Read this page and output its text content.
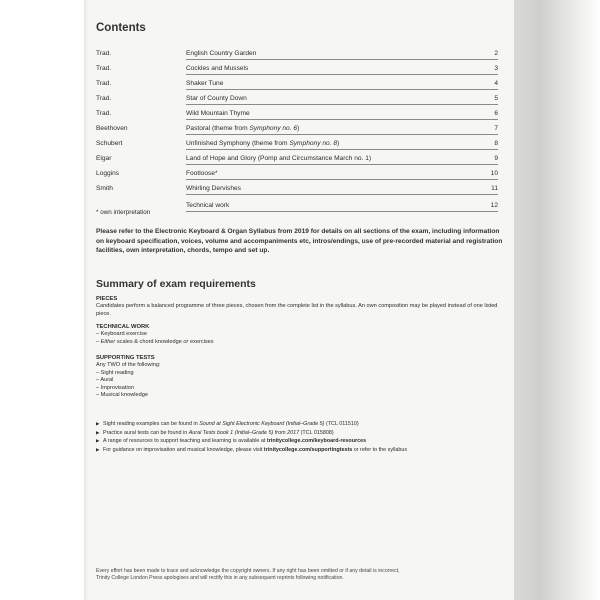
Contents
Trad.	English Country Garden	2
Trad.	Cockles and Mussels	3
Trad.	Shaker Tune	4
Trad.	Star of County Down	5
Trad.	Wild Mountain Thyme	6
Beethoven	Pastoral (theme from Symphony no. 6)	7
Schubert	Unfinished Symphony (theme from Symphony no. 8)	8
Elgar	Land of Hope and Glory (Pomp and Circumstance March no. 1)	9
Loggins	Footloose*	10
Smith	Whirling Dervishes	11
Technical work	12
* own interpretation
Please refer to the Electronic Keyboard & Organ Syllabus from 2019 for details on all sections of the exam, including information on keyboard specification, voices, volume and accompaniments etc, intros/endings, use of pre-recorded material and registration facilities, own interpretation, chords, tempo and set up.
Summary of exam requirements
PIECES
Candidates perform a balanced programme of three pieces, chosen from the complete list in the syllabus. An own composition may be played instead of one listed piece.
TECHNICAL WORK
– Keyboard exercise
– Either scales & chord knowledge or exercises
SUPPORTING TESTS
Any TWO of the following:
– Sight reading
– Aural
– Improvisation
– Musical knowledge
▶ Sight reading examples can be found in Sound at Sight Electronic Keyboard (Initial–Grade 5) (TCL 011510)
▶ Practice aural tests can be found in Aural Tests book 1 (Initial–Grade 5) from 2017 (TCL 015808)
▶ A range of resources to support teaching and learning is available at trinitycollege.com/keyboard-resources
▶ For guidance on improvisation and musical knowledge, please visit trinitycollege.com/supportingtests or refer to the syllabus
Every effort has been made to trace and acknowledge the copyright owners. If any right has been omitted or if any detail is incorrect,
Trinity College London Press apologises and will rectify this in any subsequent reprints following notification.
